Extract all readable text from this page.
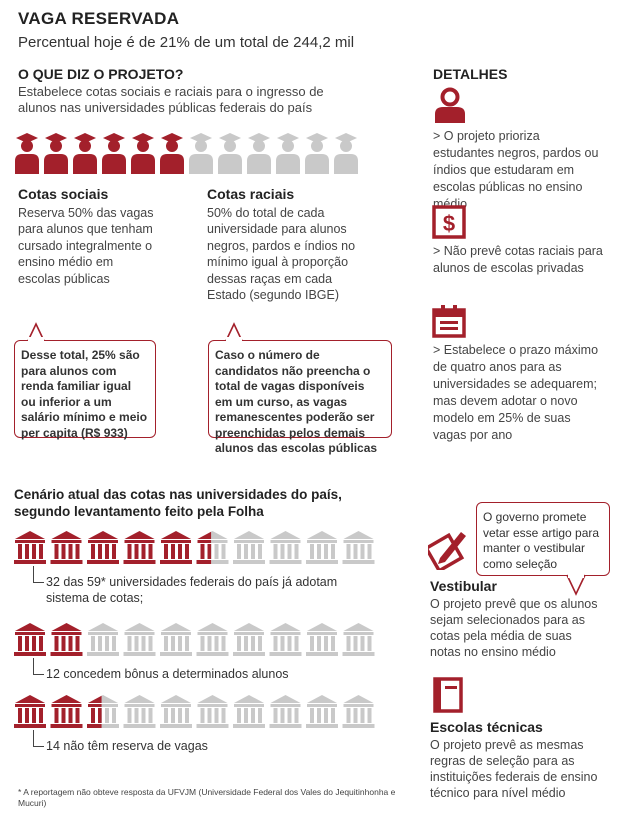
VAGA RESERVADA
Percentual hoje é de 21% de um total de 244,2 mil
O QUE DIZ O PROJETO?
Estabelece cotas sociais e raciais para o ingresso de alunos nas universidades públicas federais do país
Cotas sociais
Reserva 50% das vagas para alunos que tenham cursado integralmente o ensino médio em escolas públicas
Cotas raciais
50% do total de cada universidade para alunos negros, pardos e índios no mínimo igual à proporção dessas raças em cada Estado (segundo IBGE)
Desse total, 25% são para alunos com renda familiar igual ou inferior a um salário mínimo e meio per capita (R$ 933)
Caso o número de candidatos não preencha o total de vagas disponíveis em um curso, as vagas remanescentes poderão ser preenchidas pelos demais alunos das escolas públicas
DETALHES
> O projeto prioriza estudantes negros, pardos ou índios que estudaram em escolas públicas no ensino médio
$
> Não prevê cotas raciais para alunos de escolas privadas
> Estabelece o prazo máximo de quatro anos para as universidades se adequarem; mas devem adotar o novo modelo em 25% de suas vagas por ano
Cenário atual das cotas nas universidades do país,
segundo levantamento feito pela Folha
32 das 59* universidades federais do país já adotam sistema de cotas;
12 concedem bônus a determinados alunos
14 não têm reserva de vagas
O governo promete vetar esse artigo para manter o vestibular como seleção
Vestibular
O projeto prevê que os alunos sejam selecionados para as cotas pela média de suas notas no ensino médio
Escolas técnicas
O projeto prevê as mesmas regras de seleção para as instituições federais de ensino técnico para nível médio
* A reportagem não obteve resposta da UFVJM (Universidade Federal dos Vales do Jequitinhonha e Mucuri)
